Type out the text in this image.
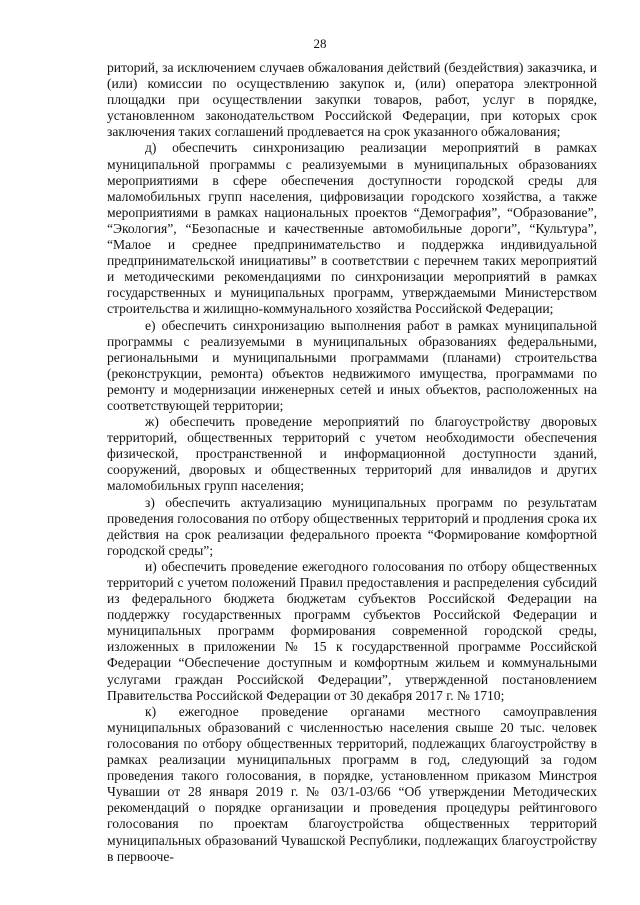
28

риторий, за исключением случаев обжалования действий (бездействия) заказчика, и (или) комиссии по осуществлению закупок и, (или) оператора электронной площадки при осуществлении закупки товаров, работ, услуг в порядке, установленном законодательством Российской Федерации, при которых срок заключения таких соглашений продлевается на срок указанного обжалования;

д) обеспечить синхронизацию реализации мероприятий в рамках муниципальной программы с реализуемыми в муниципальных образованиях мероприятиями в сфере обеспечения доступности городской среды для маломобильных групп населения, цифровизации городского хозяйства, а также мероприятиями в рамках национальных проектов “Демография”, “Образование”, “Экология”, “Безопасные и качественные автомобильные дороги”, “Культура”, “Малое и среднее предпринимательство и поддержка индивидуальной предпринимательской инициативы” в соответствии с перечнем таких мероприятий и методическими рекомендациями по синхронизации мероприятий в рамках государственных и муниципальных программ, утверждаемыми Министерством строительства и жилищно-коммунального хозяйства Российской Федерации;

е) обеспечить синхронизацию выполнения работ в рамках муниципальной программы с реализуемыми в муниципальных образованиях федеральными, региональными и муниципальными программами (планами) строительства (реконструкции, ремонта) объектов недвижимого имущества, программами по ремонту и модернизации инженерных сетей и иных объектов, расположенных на соответствующей территории;

ж) обеспечить проведение мероприятий по благоустройству дворовых территорий, общественных территорий с учетом необходимости обеспечения физической, пространственной и информационной доступности зданий, сооружений, дворовых и общественных территорий для инвалидов и других маломобильных групп населения;

з) обеспечить актуализацию муниципальных программ по результатам проведения голосования по отбору общественных территорий и продления срока их действия на срок реализации федерального проекта “Формирование комфортной городской среды”;

и) обеспечить проведение ежегодного голосования по отбору общественных территорий с учетом положений Правил предоставления и распределения субсидий из федерального бюджета бюджетам субъектов Российской Федерации на поддержку государственных программ субъектов Российской Федерации и муниципальных программ формирования современной городской среды, изложенных в приложении № 15 к государственной программе Российской Федерации “Обеспечение доступным и комфортным жильем и коммунальными услугами граждан Российской Федерации”, утвержденной постановлением Правительства Российской Федерации от 30 декабря 2017 г. № 1710;

к) ежегодное проведение органами местного самоуправления муниципальных образований с численностью населения свыше 20 тыс. человек голосования по отбору общественных территорий, подлежащих благоустройству в рамках реализации муниципальных программ в год, следующий за годом проведения такого голосования, в порядке, установленном приказом Минстроя Чувашии от 28 января 2019 г. № 03/1-03/66 “Об утверждении Методических рекомендаций о порядке организации и проведения процедуры рейтингового голосования по проектам благоустройства общественных территорий муниципальных образований Чувашской Республики, подлежащих благоустройству в первооче-
